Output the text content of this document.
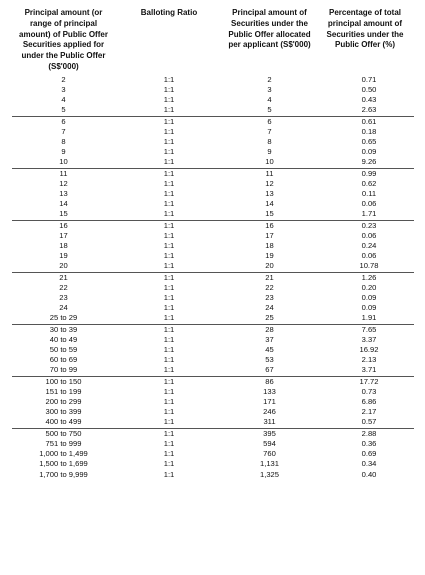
Principal amount (or range of principal amount) of Public Offer Securities applied for under the Public Offer (S$'000)	Balloting Ratio	Principal amount of Securities under the Public Offer allocated per applicant (S$'000)	Percentage of total principal amount of Securities under the Public Offer (%)
2	1:1	2	0.71
3	1:1	3	0.50
4	1:1	4	0.43
5	1:1	5	2.63
6	1:1	6	0.61
7	1:1	7	0.18
8	1:1	8	0.65
9	1:1	9	0.09
10	1:1	10	9.26
11	1:1	11	0.99
12	1:1	12	0.62
13	1:1	13	0.11
14	1:1	14	0.06
15	1:1	15	1.71
16	1:1	16	0.23
17	1:1	17	0.06
18	1:1	18	0.24
19	1:1	19	0.06
20	1:1	20	10.78
21	1:1	21	1.26
22	1:1	22	0.20
23	1:1	23	0.09
24	1:1	24	0.09
25 to 29	1:1	25	1.91
30 to 39	1:1	28	7.65
40 to 49	1:1	37	3.37
50 to 59	1:1	45	16.92
60 to 69	1:1	53	2.13
70 to 99	1:1	67	3.71
100 to 150	1:1	86	17.72
151 to 199	1:1	133	0.73
200 to 299	1:1	171	6.86
300 to 399	1:1	246	2.17
400 to 499	1:1	311	0.57
500 to 750	1:1	395	2.88
751 to 999	1:1	594	0.36
1,000 to 1,499	1:1	760	0.69
1,500 to 1,699	1:1	1,131	0.34
1,700 to 9,999	1:1	1,325	0.40
